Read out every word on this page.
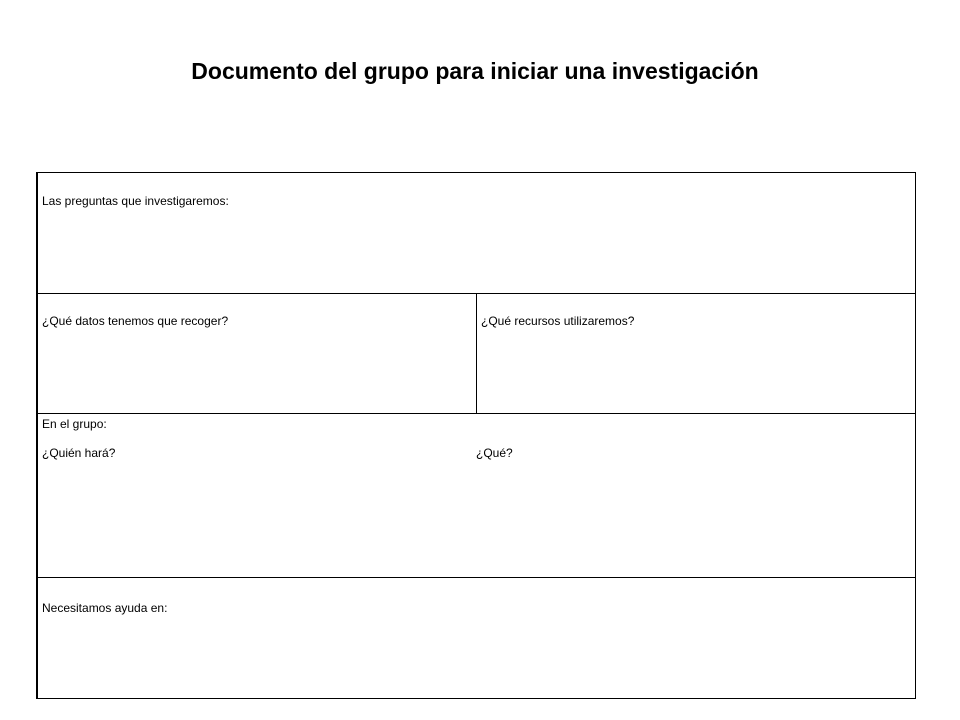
Documento del grupo para iniciar una investigación
Las preguntas que investigaremos:
¿Qué datos tenemos que recoger?	¿Qué recursos utilizaremos?
En el grupo:
¿Quién hará?	¿Qué?
Necesitamos ayuda en:
